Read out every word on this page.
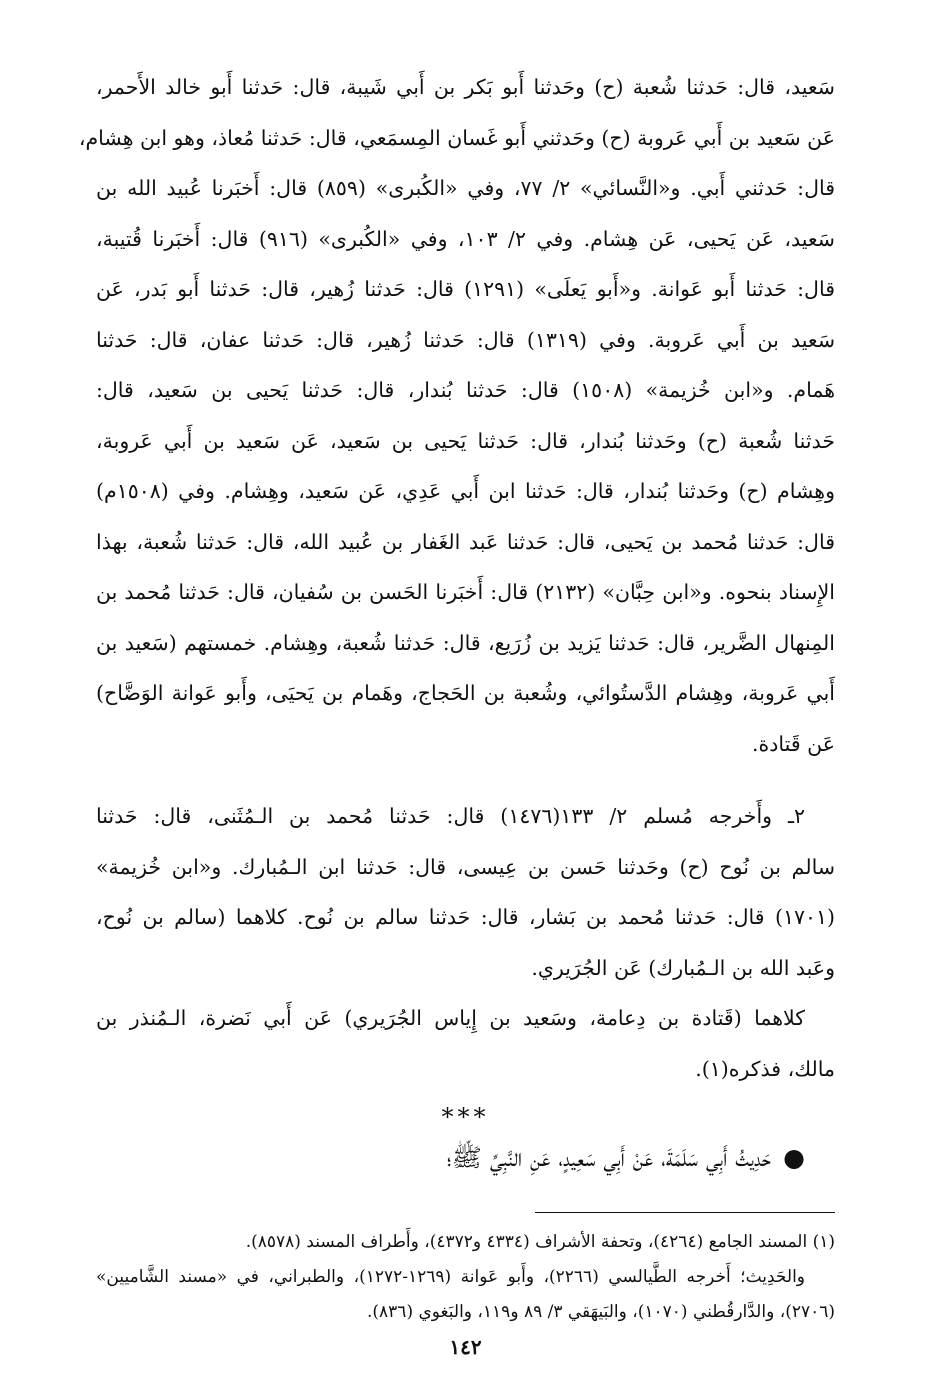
سَعيد، قال: حَدثنا شُعبة (ح) وحَدثنا أَبو بَكر بن أَبي شَيبة، قال: حَدثنا أَبو خالد الأَحمر،

عَن سَعيد بن أَبي عَروبة (ح) وحَدثني أَبو غَسان المِسمَعي، قال: حَدثنا مُعاذ، وهو ابن هِشام،

قال: حَدثني أَبي. و«النَّسائي» ٢/ ٧٧، وفي «الكُبرى» (٨٥٩) قال: أَخبَرنا عُبيد الله بن

سَعيد، عَن يَحيى، عَن هِشام. وفي ٢/ ١٠٣، وفي «الكُبرى» (٩١٦) قال: أَخبَرنا قُتيبة،

قال: حَدثنا أَبو عَوانة. و«أَبو يَعلَى» (١٢٩١) قال: حَدثنا زُهير، قال: حَدثنا أَبو بَدر، عَن

سَعيد بن أَبي عَروبة. وفي (١٣١٩) قال: حَدثنا زُهير، قال: حَدثنا عفان، قال: حَدثنا

هَمام. و«ابن خُزيمة» (١٥٠٨) قال: حَدثنا بُندار، قال: حَدثنا يَحيى بن سَعيد، قال:

حَدثنا شُعبة (ح) وحَدثنا بُندار، قال: حَدثنا يَحيى بن سَعيد، عَن سَعيد بن أَبي عَروبة،

وهِشام (ح) وحَدثنا بُندار، قال: حَدثنا ابن أَبي عَدِي، عَن سَعيد، وهِشام. وفي (١٥٠٨م)

قال: حَدثنا مُحمد بن يَحيى، قال: حَدثنا عَبد الغَفار بن عُبيد الله، قال: حَدثنا شُعبة، بهذا

الإِسناد بنحوه. و«ابن حِبَّان» (٢١٣٢) قال: أَخبَرنا الحَسن بن سُفيان، قال: حَدثنا مُحمد بن

المِنهال الضَّرير، قال: حَدثنا يَزيد بن زُرَيع، قال: حَدثنا شُعبة، وهِشام. خمستهم (سَعيد بن

أَبي عَروبة، وهِشام الدَّستُوائي، وشُعبة بن الحَجاج، وهَمام بن يَحيَى، وأَبو عَوانة الوَضَّاح)

عَن قَتادة.

٢ـ وأَخرجه مُسلم ٢/ ١٣٣(١٤٧٦) قال: حَدثنا مُحمد بن الـمُثَنى، قال: حَدثنا

سالم بن نُوح (ح) وحَدثنا حَسن بن عِيسى، قال: حَدثنا ابن الـمُبارك. و«ابن خُزيمة»

(١٧٠١) قال: حَدثنا مُحمد بن بَشار، قال: حَدثنا سالم بن نُوح. كلاهما (سالم بن نُوح،

وعَبد الله بن الـمُبارك) عَن الجُرَيري.

كلاهما (قَتادة بن دِعامة، وسَعيد بن إِياس الجُرَيري) عَن أَبي نَضرة، الـمُنذر بن

مالك، فذكره(١).

***
●حَدِيثُ أَبِي سَلَمَةَ، عَنْ أَبِي سَعِيدٍ، عَنِ النَّبِيِّ ﷺ؛

(١) المسند الجامع (٤٢٦٤)، وتحفة الأشراف (٤٣٣٤ و٤٣٧٢)، وأَطراف المسند (٨٥٧٨).

والحَدِيث؛ أَخرجه الطَّيالسي (٢٢٦٦)، وأَبو عَوانة (١٢٦٩-١٢٧٢)، والطبراني، في «مسند الشَّاميين»

(٢٧٠٦)، والدَّارقُطني (١٠٧٠)، والبَيهَقي ٣/ ٨٩ و١١٩، والبَغوي (٨٣٦).

١٤٢
